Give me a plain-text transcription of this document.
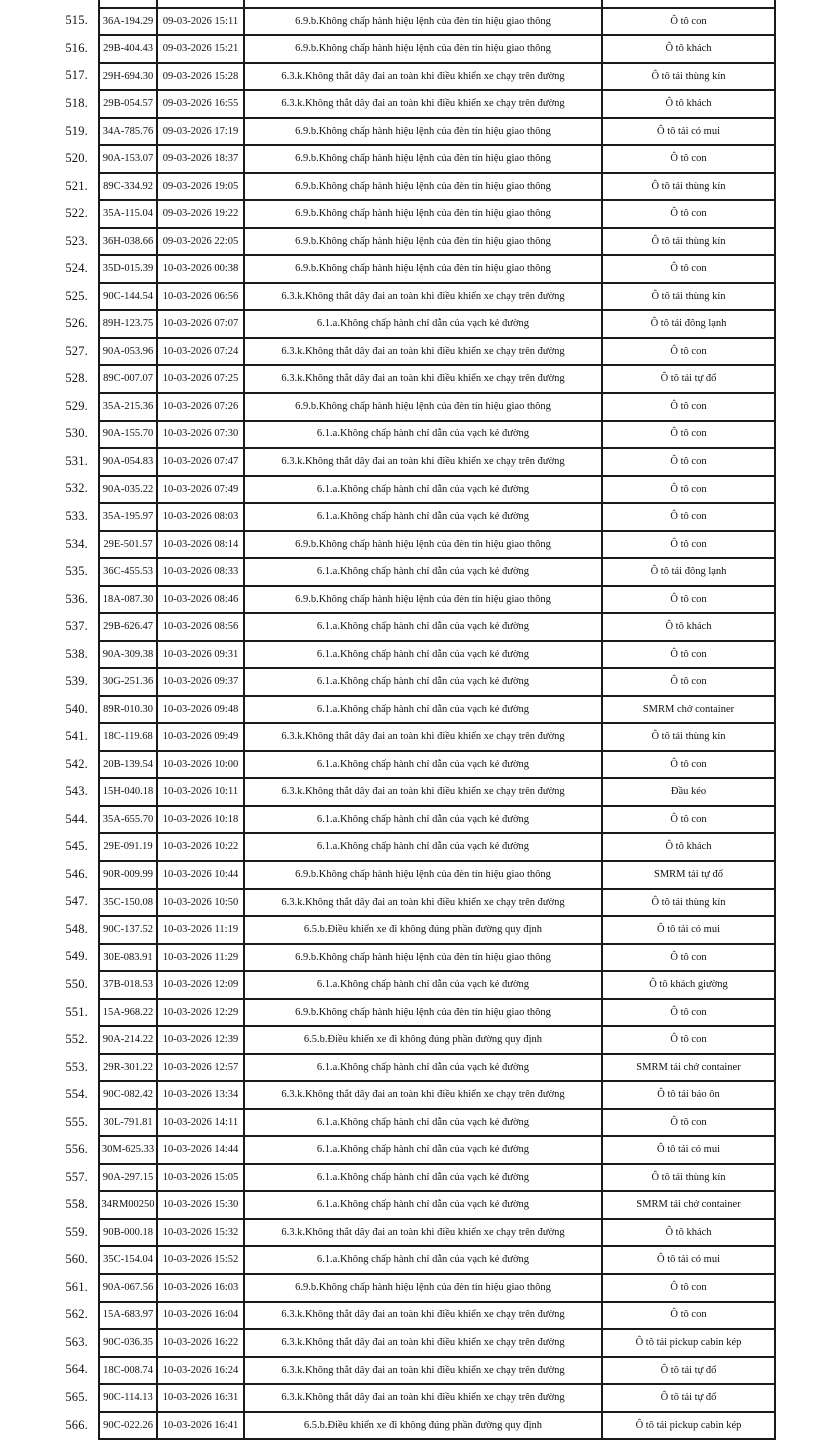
515.	36A-194.29	09-03-2026 15:11	6.9.b.Không chấp hành hiệu lệnh của đèn tín hiệu giao thông	Ô tô con
516.	29B-404.43	09-03-2026 15:21	6.9.b.Không chấp hành hiệu lệnh của đèn tín hiệu giao thông	Ô tô khách
517.	29H-694.30	09-03-2026 15:28	6.3.k.Không thắt dây đai an toàn khi điều khiển xe chạy trên đường	Ô tô tải thùng kín
518.	29B-054.57	09-03-2026 16:55	6.3.k.Không thắt dây đai an toàn khi điều khiển xe chạy trên đường	Ô tô khách
519.	34A-785.76	09-03-2026 17:19	6.9.b.Không chấp hành hiệu lệnh của đèn tín hiệu giao thông	Ô tô tải có mui
520.	90A-153.07	09-03-2026 18:37	6.9.b.Không chấp hành hiệu lệnh của đèn tín hiệu giao thông	Ô tô con
521.	89C-334.92	09-03-2026 19:05	6.9.b.Không chấp hành hiệu lệnh của đèn tín hiệu giao thông	Ô tô tải thùng kín
522.	35A-115.04	09-03-2026 19:22	6.9.b.Không chấp hành hiệu lệnh của đèn tín hiệu giao thông	Ô tô con
523.	36H-038.66	09-03-2026 22:05	6.9.b.Không chấp hành hiệu lệnh của đèn tín hiệu giao thông	Ô tô tải thùng kín
524.	35D-015.39	10-03-2026 00:38	6.9.b.Không chấp hành hiệu lệnh của đèn tín hiệu giao thông	Ô tô con
525.	90C-144.54	10-03-2026 06:56	6.3.k.Không thắt dây đai an toàn khi điều khiển xe chạy trên đường	Ô tô tải thùng kín
526.	89H-123.75	10-03-2026 07:07	6.1.a.Không chấp hành chỉ dẫn của vạch kẻ đường	Ô tô tải đông lạnh
527.	90A-053.96	10-03-2026 07:24	6.3.k.Không thắt dây đai an toàn khi điều khiển xe chạy trên đường	Ô tô con
528.	89C-007.07	10-03-2026 07:25	6.3.k.Không thắt dây đai an toàn khi điều khiển xe chạy trên đường	Ô tô tải tự đổ
529.	35A-215.36	10-03-2026 07:26	6.9.b.Không chấp hành hiệu lệnh của đèn tín hiệu giao thông	Ô tô con
530.	90A-155.70	10-03-2026 07:30	6.1.a.Không chấp hành chỉ dẫn của vạch kẻ đường	Ô tô con
531.	90A-054.83	10-03-2026 07:47	6.3.k.Không thắt dây đai an toàn khi điều khiển xe chạy trên đường	Ô tô con
532.	90A-035.22	10-03-2026 07:49	6.1.a.Không chấp hành chỉ dẫn của vạch kẻ đường	Ô tô con
533.	35A-195.97	10-03-2026 08:03	6.1.a.Không chấp hành chỉ dẫn của vạch kẻ đường	Ô tô con
534.	29E-501.57	10-03-2026 08:14	6.9.b.Không chấp hành hiệu lệnh của đèn tín hiệu giao thông	Ô tô con
535.	36C-455.53	10-03-2026 08:33	6.1.a.Không chấp hành chỉ dẫn của vạch kẻ đường	Ô tô tải đông lạnh
536.	18A-087.30	10-03-2026 08:46	6.9.b.Không chấp hành hiệu lệnh của đèn tín hiệu giao thông	Ô tô con
537.	29B-626.47	10-03-2026 08:56	6.1.a.Không chấp hành chỉ dẫn của vạch kẻ đường	Ô tô khách
538.	90A-309.38	10-03-2026 09:31	6.1.a.Không chấp hành chỉ dẫn của vạch kẻ đường	Ô tô con
539.	30G-251.36	10-03-2026 09:37	6.1.a.Không chấp hành chỉ dẫn của vạch kẻ đường	Ô tô con
540.	89R-010.30	10-03-2026 09:48	6.1.a.Không chấp hành chỉ dẫn của vạch kẻ đường	SMRM chở container
541.	18C-119.68	10-03-2026 09:49	6.3.k.Không thắt dây đai an toàn khi điều khiển xe chạy trên đường	Ô tô tải thùng kín
542.	20B-139.54	10-03-2026 10:00	6.1.a.Không chấp hành chỉ dẫn của vạch kẻ đường	Ô tô con
543.	15H-040.18	10-03-2026 10:11	6.3.k.Không thắt dây đai an toàn khi điều khiển xe chạy trên đường	Đầu kéo
544.	35A-655.70	10-03-2026 10:18	6.1.a.Không chấp hành chỉ dẫn của vạch kẻ đường	Ô tô con
545.	29E-091.19	10-03-2026 10:22	6.1.a.Không chấp hành chỉ dẫn của vạch kẻ đường	Ô tô khách
546.	90R-009.99	10-03-2026 10:44	6.9.b.Không chấp hành hiệu lệnh của đèn tín hiệu giao thông	SMRM tải tự đổ
547.	35C-150.08	10-03-2026 10:50	6.3.k.Không thắt dây đai an toàn khi điều khiển xe chạy trên đường	Ô tô tải thùng kín
548.	90C-137.52	10-03-2026 11:19	6.5.b.Điều khiển xe đi không đúng phần đường quy định	Ô tô tải có mui
549.	30E-083.91	10-03-2026 11:29	6.9.b.Không chấp hành hiệu lệnh của đèn tín hiệu giao thông	Ô tô con
550.	37B-018.53	10-03-2026 12:09	6.1.a.Không chấp hành chỉ dẫn của vạch kẻ đường	Ô tô khách giường
551.	15A-968.22	10-03-2026 12:29	6.9.b.Không chấp hành hiệu lệnh của đèn tín hiệu giao thông	Ô tô con
552.	90A-214.22	10-03-2026 12:39	6.5.b.Điều khiển xe đi không đúng phần đường quy định	Ô tô con
553.	29R-301.22	10-03-2026 12:57	6.1.a.Không chấp hành chỉ dẫn của vạch kẻ đường	SMRM tải chở container
554.	90C-082.42	10-03-2026 13:34	6.3.k.Không thắt dây đai an toàn khi điều khiển xe chạy trên đường	Ô tô tải bảo ôn
555.	30L-791.81	10-03-2026 14:11	6.1.a.Không chấp hành chỉ dẫn của vạch kẻ đường	Ô tô con
556.	30M-625.33	10-03-2026 14:44	6.1.a.Không chấp hành chỉ dẫn của vạch kẻ đường	Ô tô tải có mui
557.	90A-297.15	10-03-2026 15:05	6.1.a.Không chấp hành chỉ dẫn của vạch kẻ đường	Ô tô tải thùng kín
558.	34RM00250	10-03-2026 15:30	6.1.a.Không chấp hành chỉ dẫn của vạch kẻ đường	SMRM tải chở container
559.	90B-000.18	10-03-2026 15:32	6.3.k.Không thắt dây đai an toàn khi điều khiển xe chạy trên đường	Ô tô khách
560.	35C-154.04	10-03-2026 15:52	6.1.a.Không chấp hành chỉ dẫn của vạch kẻ đường	Ô tô tải có mui
561.	90A-067.56	10-03-2026 16:03	6.9.b.Không chấp hành hiệu lệnh của đèn tín hiệu giao thông	Ô tô con
562.	15A-683.97	10-03-2026 16:04	6.3.k.Không thắt dây đai an toàn khi điều khiển xe chạy trên đường	Ô tô con
563.	90C-036.35	10-03-2026 16:22	6.3.k.Không thắt dây đai an toàn khi điều khiển xe chạy trên đường	Ô tô tải pickup cabin kép
564.	18C-008.74	10-03-2026 16:24	6.3.k.Không thắt dây đai an toàn khi điều khiển xe chạy trên đường	Ô tô tải tự đổ
565.	90C-114.13	10-03-2026 16:31	6.3.k.Không thắt dây đai an toàn khi điều khiển xe chạy trên đường	Ô tô tải tự đổ
566.	90C-022.26	10-03-2026 16:41	6.5.b.Điều khiển xe đi không đúng phần đường quy định	Ô tô tải pickup cabin kép
